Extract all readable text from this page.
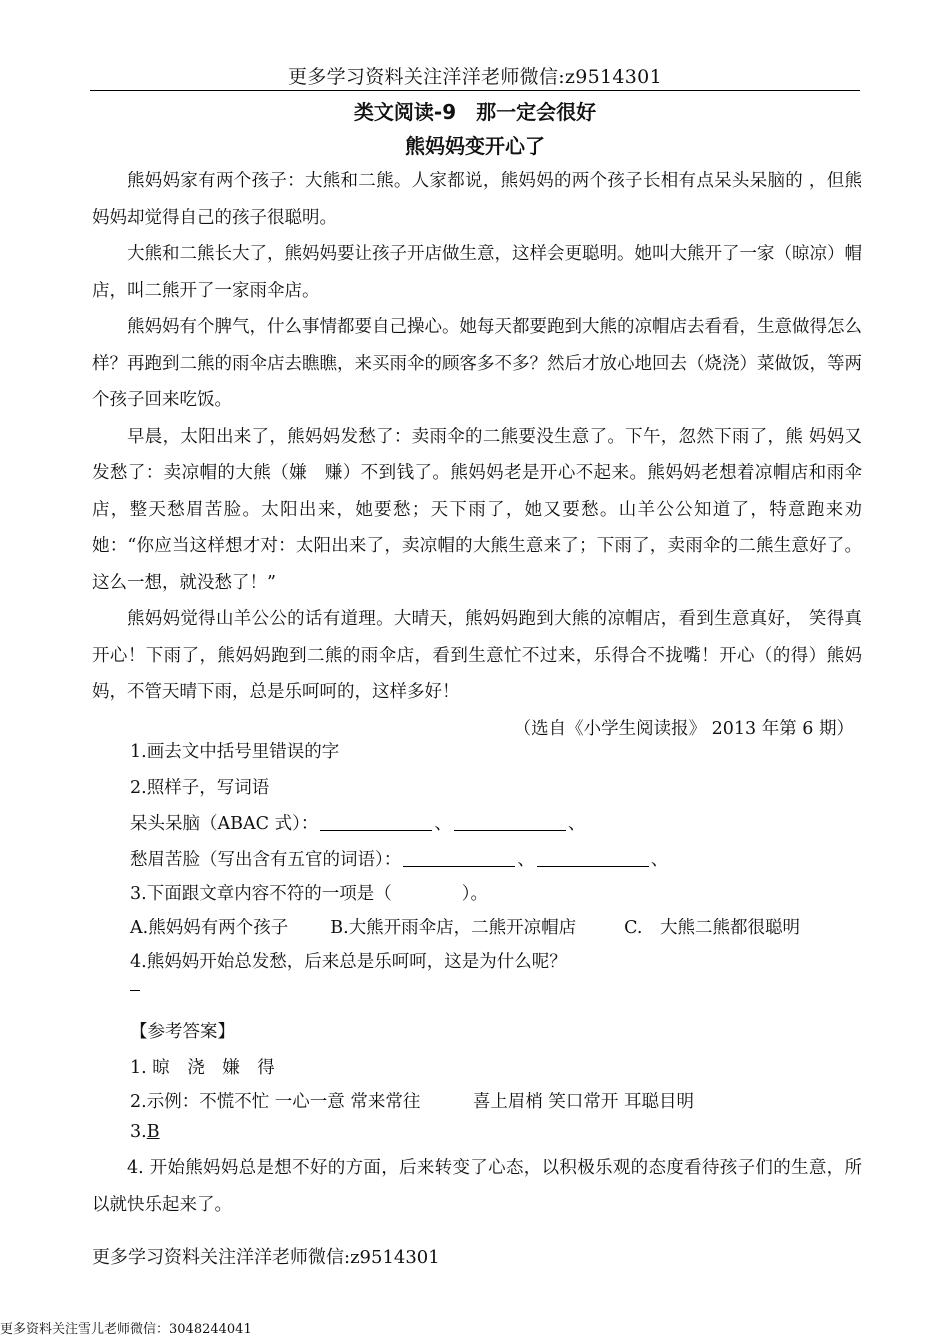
更多学习资料关注洋洋老师微信:z9514301
类文阅读-9　那一定会很好
熊妈妈变开心了

熊妈妈家有两个孩子：大熊和二熊。人家都说，熊妈妈的两个孩子长相有点呆头呆脑的 ，但熊妈妈却觉得自己的孩子很聪明。

大熊和二熊长大了，熊妈妈要让孩子开店做生意，这样会更聪明。她叫大熊开了一家（晾凉）帽店，叫二熊开了一家雨伞店。

熊妈妈有个脾气，什么事情都要自己操心。她每天都要跑到大熊的凉帽店去看看，生意做得怎么样？再跑到二熊的雨伞店去瞧瞧，来买雨伞的顾客多不多？然后才放心地回去（烧浇）菜做饭，等两个孩子回来吃饭。

早晨，太阳出来了，熊妈妈发愁了：卖雨伞的二熊要没生意了。下午，忽然下雨了，熊 妈妈又发愁了：卖凉帽的大熊（嫌　赚）不到钱了。熊妈妈老是开心不起来。熊妈妈老想着凉帽店和雨伞店，整天愁眉苦脸。太阳出来，她要愁；天下雨了，她又要愁。山羊公公知道了，特意跑来劝她：“你应当这样想才对：太阳出来了，卖凉帽的大熊生意来了；下雨了，卖雨伞的二熊生意好了。这么一想，就没愁了！”

熊妈妈觉得山羊公公的话有道理。大晴天，熊妈妈跑到大熊的凉帽店，看到生意真好， 笑得真开心！下雨了，熊妈妈跑到二熊的雨伞店，看到生意忙不过来，乐得合不拢嘴！开心（的得）熊妈妈，不管天晴下雨，总是乐呵呵的，这样多好！

（选自《小学生阅读报》 2013 年第 6 期）

1.画去文中括号里错误的字
2.照样子，写词语
呆头呆脑（ABAC 式）：	、	、
愁眉苦脸（写出含有五官的词语）：	、	、
3.下面跟文章内容不符的一项是（	）。
A.熊妈妈有两个孩子 B.大熊开雨伞店，二熊开凉帽店	C.　大熊二熊都很聪明
4.熊妈妈开始总发愁，后来总是乐呵呵，这是为什么呢？
【参考答案】
1. 晾　浇　嫌　得
2.示例：不慌不忙 一心一意 常来常往　　　喜上眉梢 笑口常开 耳聪目明
3.B

4. 开始熊妈妈总是想不好的方面，后来转变了心态，以积极乐观的态度看待孩子们的生意，所以就快乐起来了。

更多学习资料关注洋洋老师微信:z9514301
更多资料关注雪儿老师微信：3048244041
